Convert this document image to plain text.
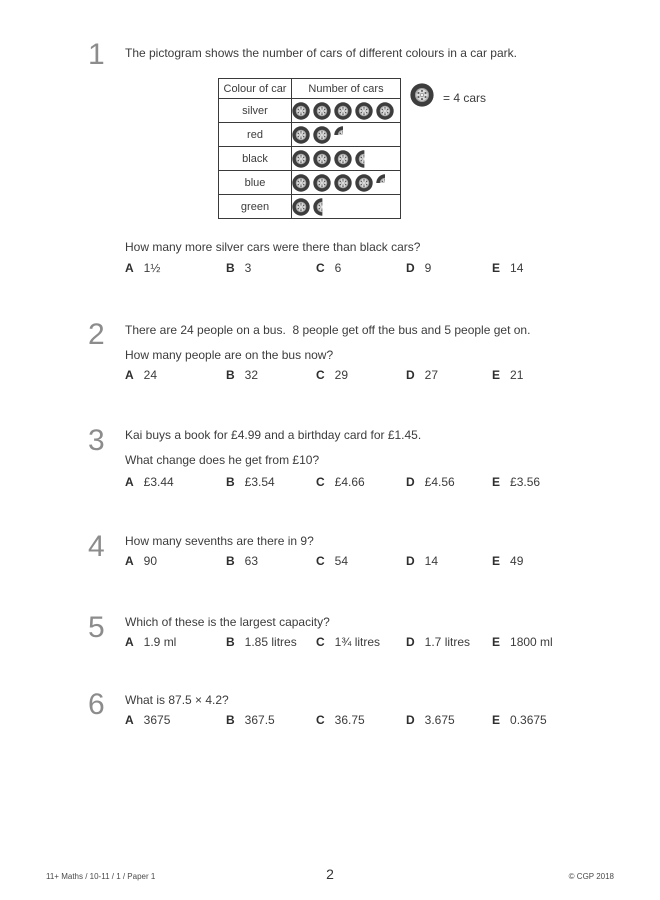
1 The pictogram shows the number of cars of different colours in a car park.
How many more silver cars were there than black cars?
A 1½	B 3	C 6	D 9	E 14
Colour of car	Number of cars
silver	
red	
black	
blue	
green	
= 4 cars
2 There are 24 people on a bus.  8 people get off the bus and 5 people get on.
How many people are on the bus now?
A 24	B 32	C 29	D 27	E 21
3 Kai buys a book for £4.99 and a birthday card for £1.45.
What change does he get from £10?
A £3.44	B £3.54	C £4.66	D £4.56	E £3.56
4 How many sevenths are there in 9?
A 90	B 63	C 54	D 14	E 49
5 Which of these is the largest capacity?
A 1.9 ml	B 1.85 litres C 1¾ litres D 1.7 litres E 1800 ml
6 What is 87.5 × 4.2?
A 3675	B 367.5	C 36.75	D 3.675	E 0.3675
11+ Maths / 10-11 / 1 / Paper 1	2	© CGP 2018
